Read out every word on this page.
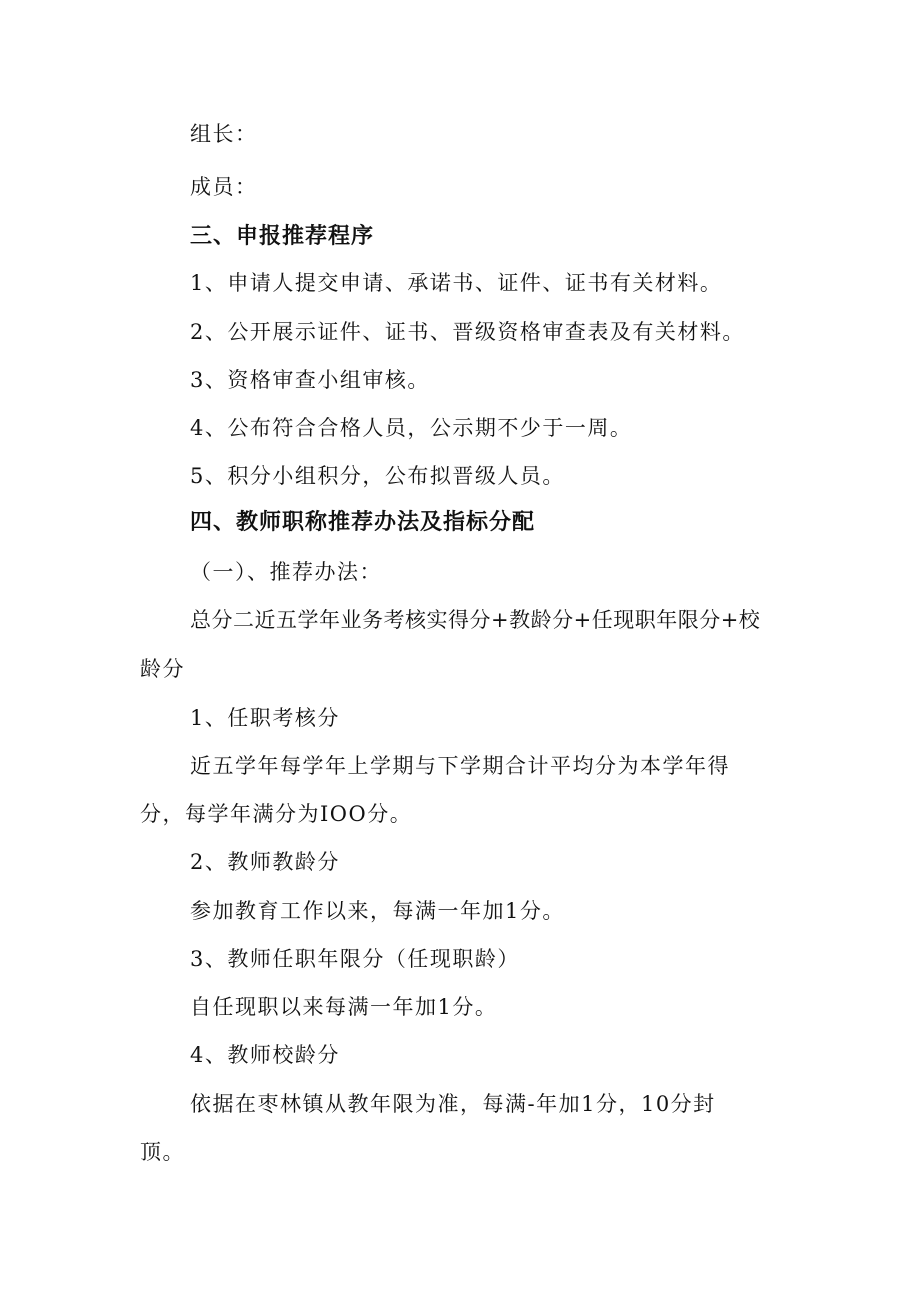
组长：

成员：

三、申报推荐程序

1、申请人提交申请、承诺书、证件、证书有关材料。

2、公开展示证件、证书、晋级资格审查表及有关材料。

3、资格审查小组审核。

4、公布符合合格人员，公示期不少于一周。

5、积分小组积分，公布拟晋级人员。

四、教师职称推荐办法及指标分配

（一）、推荐办法：

总分二近五学年业务考核实得分+教龄分+任现职年限分+校

龄分

1、任职考核分

近五学年每学年上学期与下学期合计平均分为本学年得

分，每学年满分为IOO分。

2、教师教龄分

参加教育工作以来，每满一年加1分。

3、教师任职年限分（任现职龄）

自任现职以来每满一年加1分。

4、教师校龄分

依据在枣林镇从教年限为准，每满-年加1分，10分封

顶。
